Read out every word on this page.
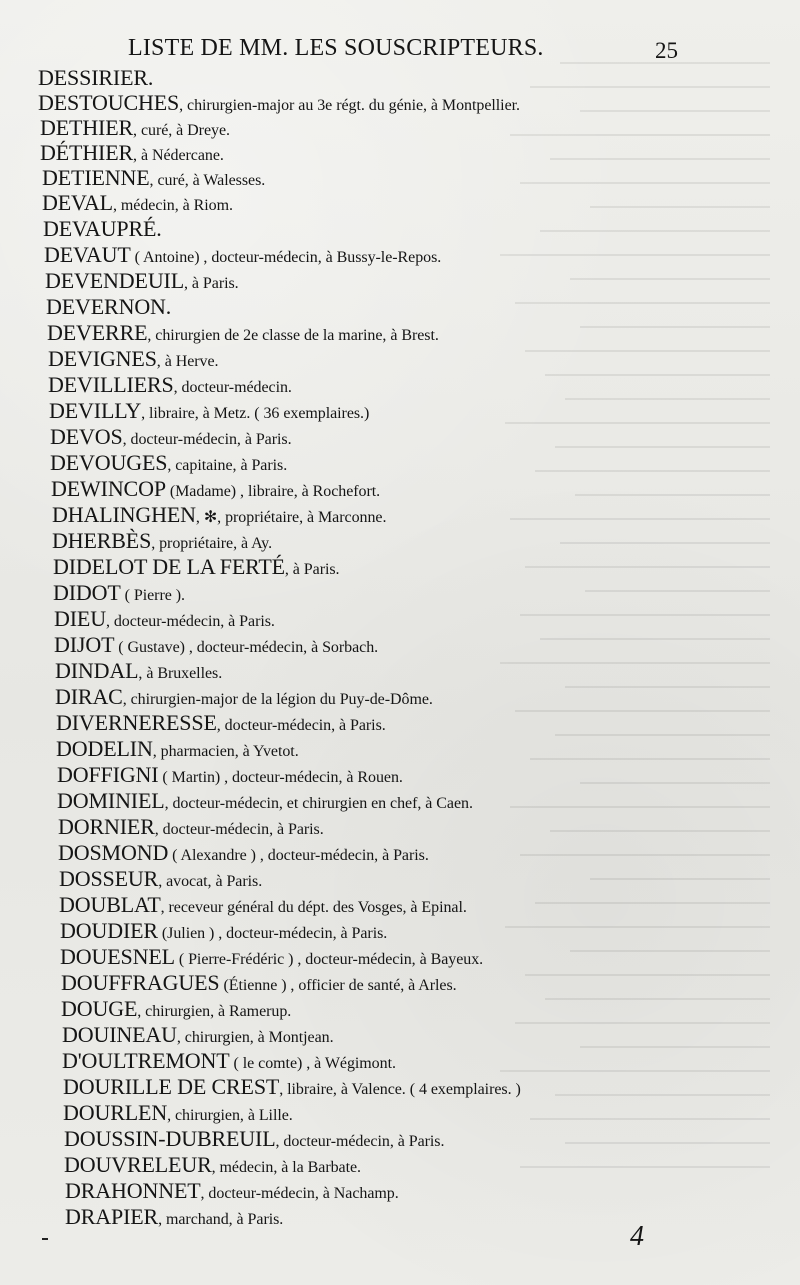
LISTE DE MM. LES SOUSCRIPTEURS.	25
DESSIRIER.
DESTOUCHES, chirurgien-major au 3e régt. du génie, à Montpellier.
DETHIER, curé, à Dreye.
DÉTHIER, à Nédercane.
DETIENNE, curé, à Walesses.
DEVAL, médecin, à Riom.
DEVAUPRÉ.
DEVAUT ( Antoine) , docteur-médecin, à Bussy-le-Repos.
DEVENDEUIL, à Paris.
DEVERNON.
DEVERRE, chirurgien de 2e classe de la marine, à Brest.
DEVIGNES, à Herve.
DEVILLIERS, docteur-médecin.
DEVILLY, libraire, à Metz. ( 36 exemplaires.)
DEVOS, docteur-médecin, à Paris.
DEVOUGES, capitaine, à Paris.
DEWINCOP (Madame) , libraire, à Rochefort.
DHALINGHEN, ✻, propriétaire, à Marconne.
DHERBÈS, propriétaire, à Ay.
DIDELOT DE LA FERTÉ, à Paris.
DIDOT ( Pierre ).
DIEU, docteur-médecin, à Paris.
DIJOT ( Gustave) , docteur-médecin, à Sorbach.
DINDAL, à Bruxelles.
DIRAC, chirurgien-major de la légion du Puy-de-Dôme.
DIVERNERESSE, docteur-médecin, à Paris.
DODELIN, pharmacien, à Yvetot.
DOFFIGNI ( Martin) , docteur-médecin, à Rouen.
DOMINIEL, docteur-médecin, et chirurgien en chef, à Caen.
DORNIER, docteur-médecin, à Paris.
DOSMOND ( Alexandre ) , docteur-médecin, à Paris.
DOSSEUR, avocat, à Paris.
DOUBLAT, receveur général du dépt. des Vosges, à Epinal.
DOUDIER (Julien ) , docteur-médecin, à Paris.
DOUESNEL ( Pierre-Frédéric ) , docteur-médecin, à Bayeux.
DOUFFRAGUES (Étienne ) , officier de santé, à Arles.
DOUGE, chirurgien, à Ramerup.
DOUINEAU, chirurgien, à Montjean.
D'OULTREMONT ( le comte) , à Wégimont.
DOURILLE DE CREST, libraire, à Valence. ( 4 exemplaires. )
DOURLEN, chirurgien, à Lille.
DOUSSIN-DUBREUIL, docteur-médecin, à Paris.
DOUVRELEUR, médecin, à la Barbate.
DRAHONNET, docteur-médecin, à Nachamp.
DRAPIER, marchand, à Paris.
4
